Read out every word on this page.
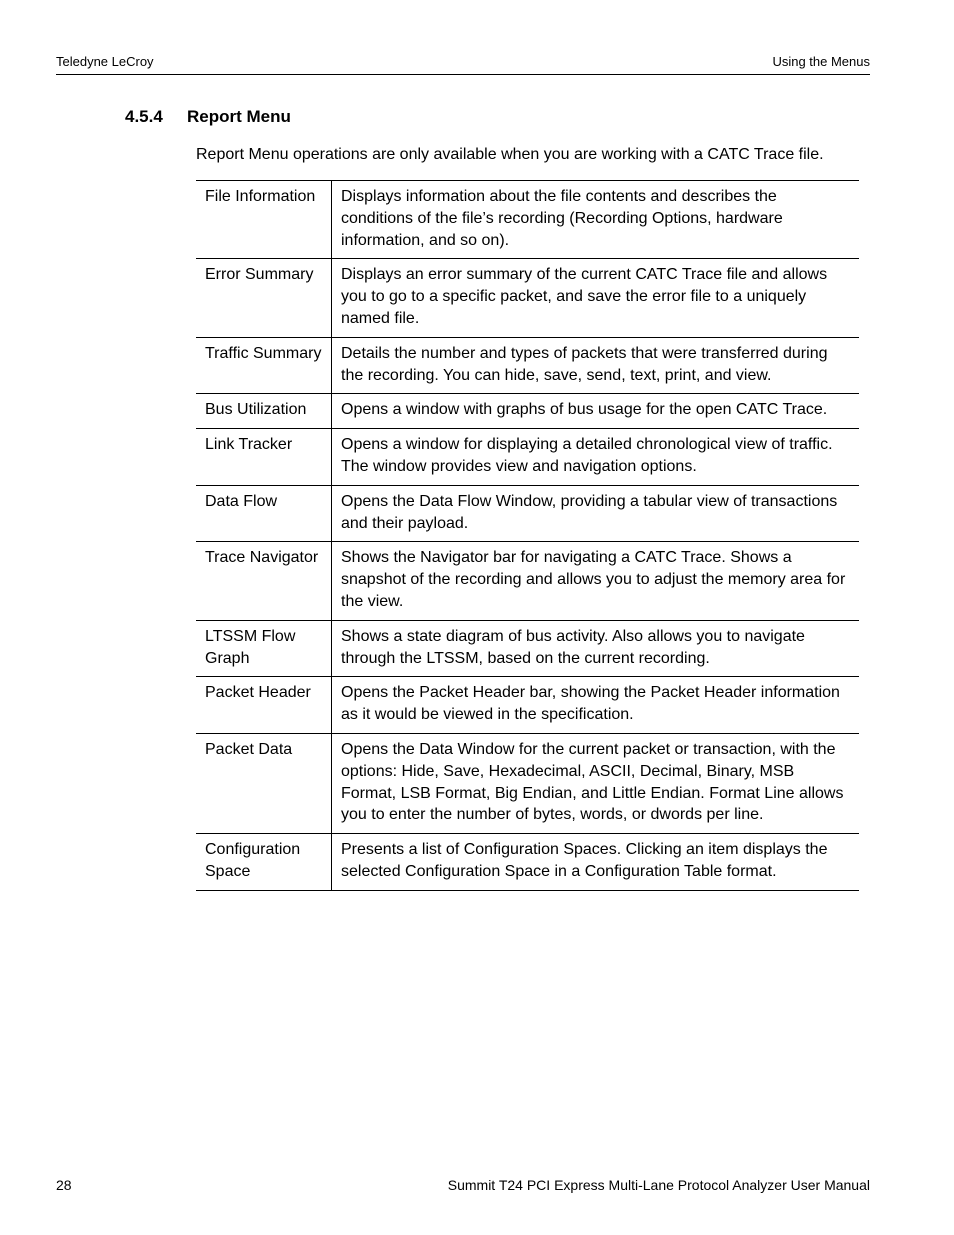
Teledyne LeCroy	Using the Menus
4.5.4 Report Menu
Report Menu operations are only available when you are working with a CATC Trace file.
File Information	Displays information about the file contents and describes the conditions of the file’s recording (Recording Options, hardware information, and so on).
Error Summary	Displays an error summary of the current CATC Trace file and allows you to go to a specific packet, and save the error file to a uniquely named file.
Traffic Summary	Details the number and types of packets that were transferred during the recording. You can hide, save, send, text, print, and view.
Bus Utilization	Opens a window with graphs of bus usage for the open CATC Trace.
Link Tracker	Opens a window for displaying a detailed chronological view of traffic. The window provides view and navigation options.
Data Flow	Opens the Data Flow Window, providing a tabular view of transactions and their payload.
Trace Navigator	Shows the Navigator bar for navigating a CATC Trace. Shows a snapshot of the recording and allows you to adjust the memory area for the view.
LTSSM Flow Graph	Shows a state diagram of bus activity. Also allows you to navigate through the LTSSM, based on the current recording.
Packet Header	Opens the Packet Header bar, showing the Packet Header information as it would be viewed in the specification.
Packet Data	Opens the Data Window for the current packet or transaction, with the options: Hide, Save, Hexadecimal, ASCII, Decimal, Binary, MSB Format, LSB Format, Big Endian, and Little Endian. Format Line allows you to enter the number of bytes, words, or dwords per line.
Configuration Space	Presents a list of Configuration Spaces. Clicking an item displays the selected Configuration Space in a Configuration Table format.
28	Summit T24 PCI Express Multi-Lane Protocol Analyzer User Manual
